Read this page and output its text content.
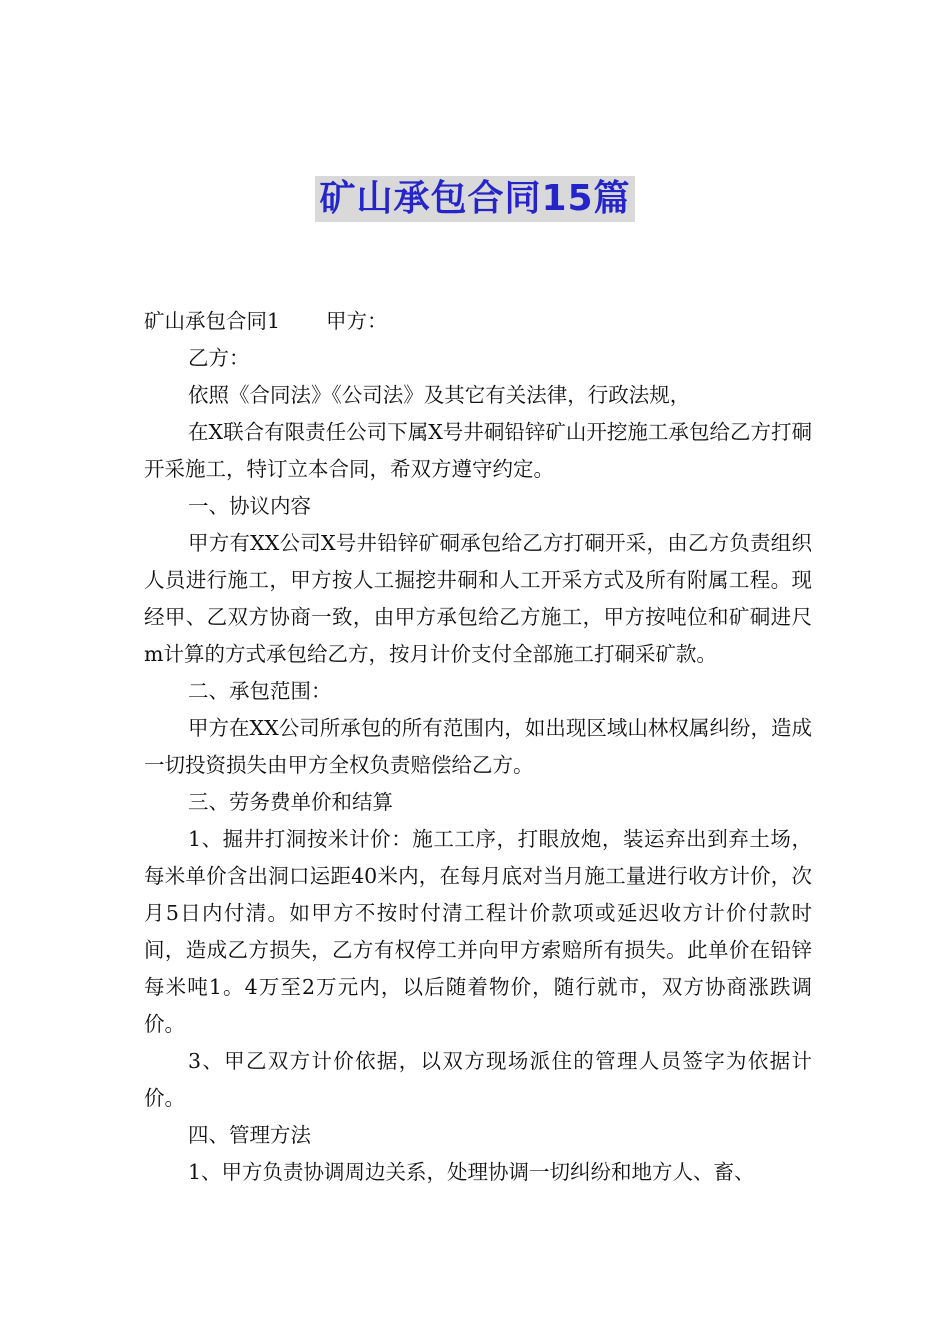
矿山承包合同15篇

矿山承包合同1 甲方：

乙方：

依照《合同法》《公司法》及其它有关法律，行政法规，

在X联合有限责任公司下属X号井硐铅锌矿山开挖施工承包给乙方打硐开采施工，特订立本合同，希双方遵守约定。

一、协议内容

甲方有XX公司X号井铅锌矿硐承包给乙方打硐开采，由乙方负责组织人员进行施工，甲方按人工掘挖井硐和人工开采方式及所有附属工程。现经甲、乙双方协商一致，由甲方承包给乙方施工，甲方按吨位和矿硐进尺m计算的方式承包给乙方，按月计价支付全部施工打硐采矿款。

二、承包范围：

甲方在XX公司所承包的所有范围内，如出现区域山林权属纠纷，造成一切投资损失由甲方全权负责赔偿给乙方。

三、劳务费单价和结算

1、掘井打洞按米计价：施工工序，打眼放炮，装运弃出到弃土场，每米单价含出洞口运距40米内，在每月底对当月施工量进行收方计价，次月5日内付清。如甲方不按时付清工程计价款项或延迟收方计价付款时间，造成乙方损失，乙方有权停工并向甲方索赔所有损失。此单价在铅锌每米吨1。4万至2万元内，以后随着物价，随行就市，双方协商涨跌调价。

3、甲乙双方计价依据，以双方现场派住的管理人员签字为依据计价。

四、管理方法

1、甲方负责协调周边关系，处理协调一切纠纷和地方人、畜、
